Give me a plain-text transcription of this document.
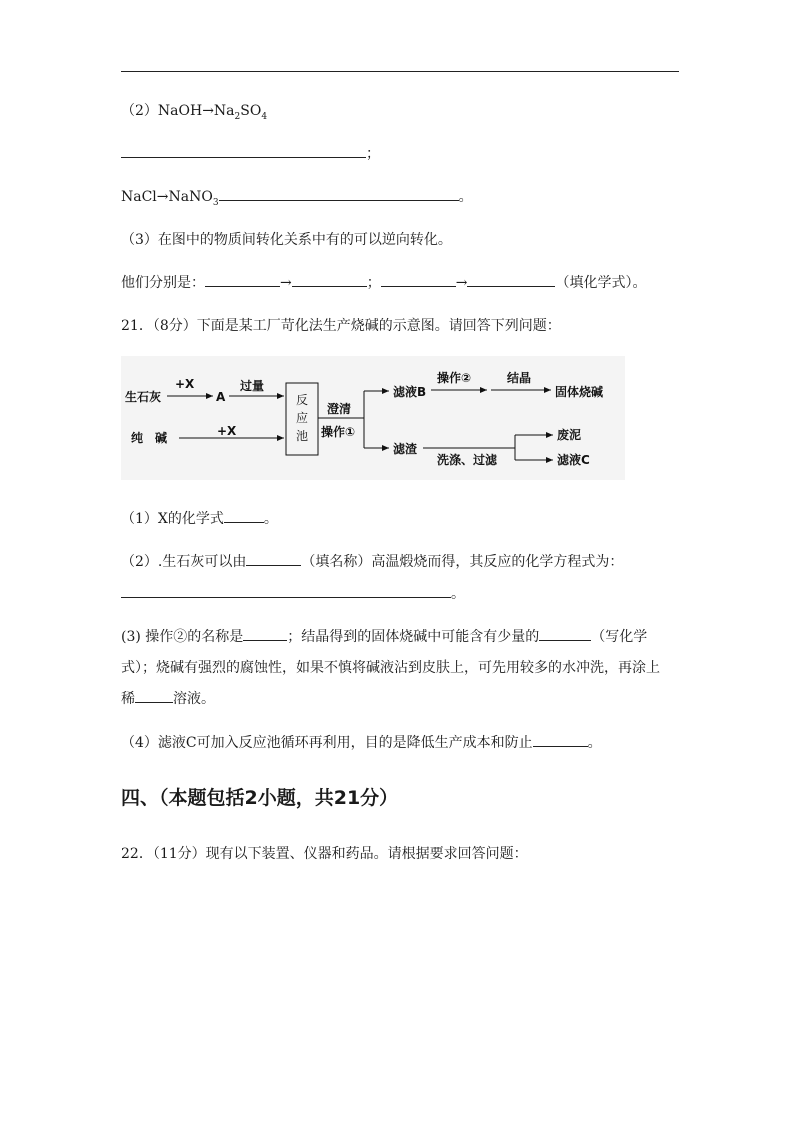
$(2)NaOH\to Na_2SO_4$
；
NaCl→NaNO$_3$	。
（3）在图中的物质间转化关系中有的可以逆向转化。
他们分别是：	→	；	→	（填化学式）。
21．（8分）下面是某工厂苛化法生产烧碱的示意图。请回答下列问题：
生石灰
+X
A
过量
纯　碱	+X
反
应
池
澄清
操作①
滤液B
操作②	结晶
固体烧碱
滤渣
洗涤、过滤
废泥
滤液C
（1）X的化学式	。
（2）.生石灰可以由	（填名称）高温煅烧而得，其反应的化学方程式为：
。
(3) 操作②的名称是	；结晶得到的固体烧碱中可能含有少量的	（写化学
式）；烧碱有强烈的腐蚀性，如果不慎将碱液沾到皮肤上，可先用较多的水冲洗，再涂上
稀	溶液。
（4）滤液C可加入反应池循环再利用，目的是降低生产成本和防止	。
四、（本题包括2小题，共21分）
22．（11分）现有以下装置、仪器和药品。请根据要求回答问题：
